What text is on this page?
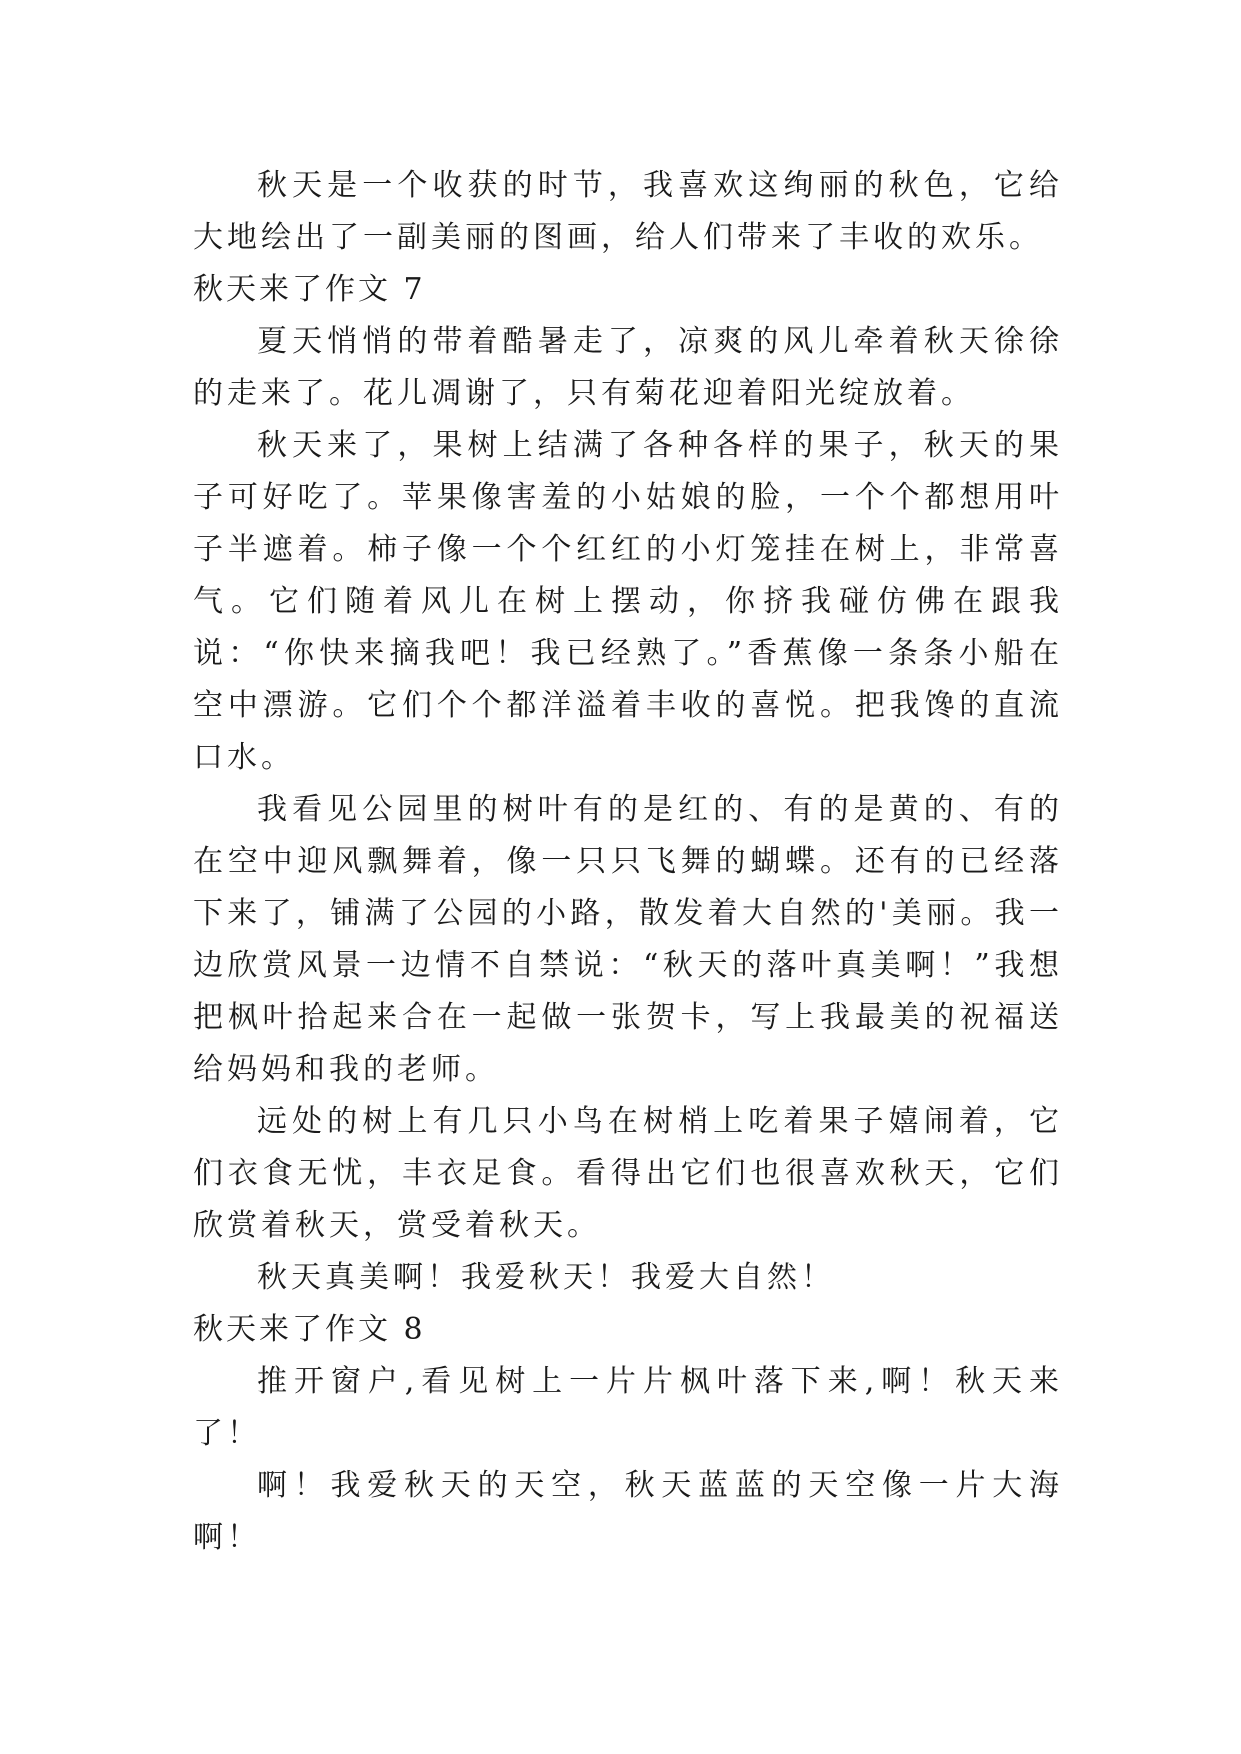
秋天是一个收获的时节，我喜欢这绚丽的秋色，它给大地绘出了一副美丽的图画，给人们带来了丰收的欢乐。

秋天来了作文 7

夏天悄悄的带着酷暑走了，凉爽的风儿牵着秋天徐徐的走来了。花儿凋谢了，只有菊花迎着阳光绽放着。

秋天来了，果树上结满了各种各样的果子，秋天的果子可好吃了。苹果像害羞的小姑娘的脸，一个个都想用叶子半遮着。柿子像一个个红红的小灯笼挂在树上，非常喜气。它们随着风儿在树上摆动，你挤我碰仿佛在跟我说：“你快来摘我吧！我已经熟了。”香蕉像一条条小船在空中漂游。它们个个都洋溢着丰收的喜悦。把我馋的直流口水。

我看见公园里的树叶有的是红的、有的是黄的、有的在空中迎风飘舞着，像一只只飞舞的蝴蝶。还有的已经落下来了，铺满了公园的小路，散发着大自然的'美丽。我一边欣赏风景一边情不自禁说：“秋天的落叶真美啊！”我想把枫叶拾起来合在一起做一张贺卡，写上我最美的祝福送给妈妈和我的老师。

远处的树上有几只小鸟在树梢上吃着果子嬉闹着，它们衣食无忧，丰衣足食。看得出它们也很喜欢秋天，它们欣赏着秋天，赏受着秋天。

秋天真美啊！我爱秋天！我爱大自然！

秋天来了作文 8

推开窗户,看见树上一片片枫叶落下来,啊！秋天来了！

啊！我爱秋天的天空，秋天蓝蓝的天空像一片大海啊！
